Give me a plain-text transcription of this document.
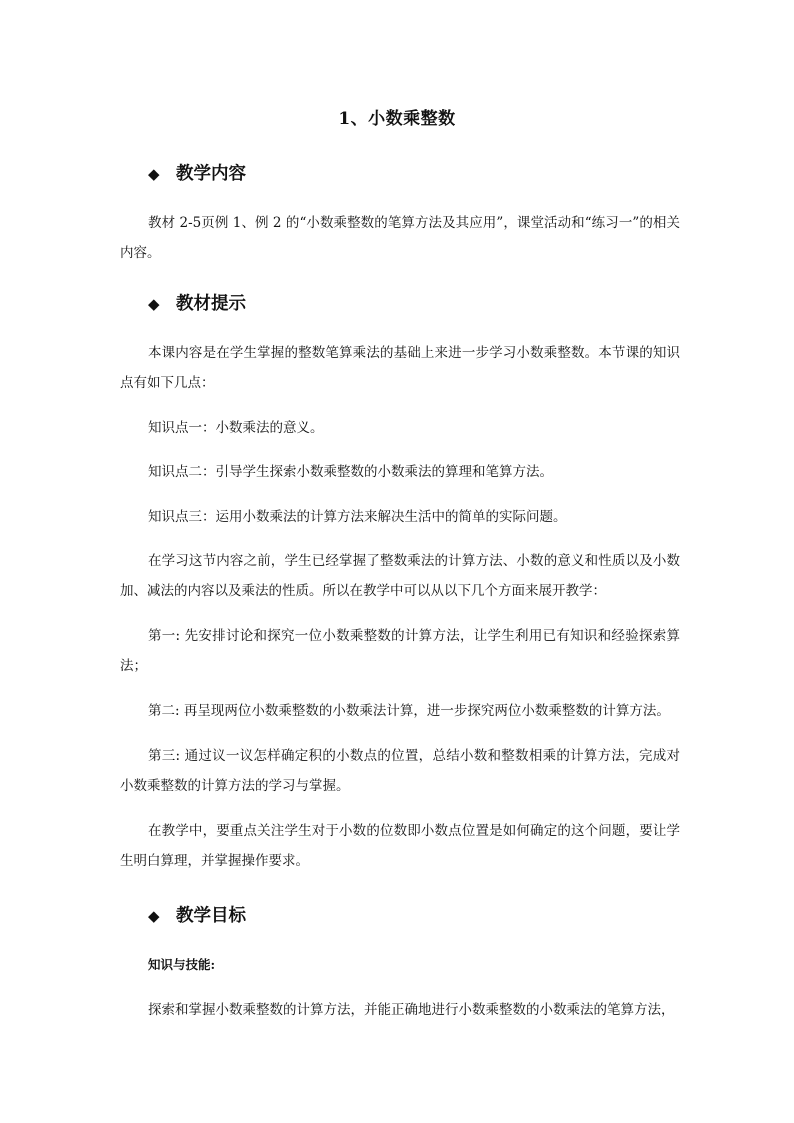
1、小数乘整数
◆ 教学内容

教材 2-5页例 1、例 2 的“小数乘整数的笔算方法及其应用”，课堂活动和“练习一”的相关内容。

◆ 教材提示

本课内容是在学生掌握的整数笔算乘法的基础上来进一步学习小数乘整数。本节课的知识点有如下几点：

知识点一：小数乘法的意义。

知识点二：引导学生探索小数乘整数的小数乘法的算理和笔算方法。

知识点三：运用小数乘法的计算方法来解决生活中的简单的实际问题。

在学习这节内容之前，学生已经掌握了整数乘法的计算方法、小数的意义和性质以及小数加、减法的内容以及乘法的性质。所以在教学中可以从以下几个方面来展开教学：

第一: 先安排讨论和探究一位小数乘整数的计算方法，让学生利用已有知识和经验探索算法；

第二: 再呈现两位小数乘整数的小数乘法计算，进一步探究两位小数乘整数的计算方法。

第三: 通过议一议怎样确定积的小数点的位置，总结小数和整数相乘的计算方法，完成对小数乘整数的计算方法的学习与掌握。

在教学中，要重点关注学生对于小数的位数即小数点位置是如何确定的这个问题，要让学生明白算理，并掌握操作要求。

◆ 教学目标
知识与技能:

探索和掌握小数乘整数的计算方法，并能正确地进行小数乘整数的小数乘法的笔算方法，
